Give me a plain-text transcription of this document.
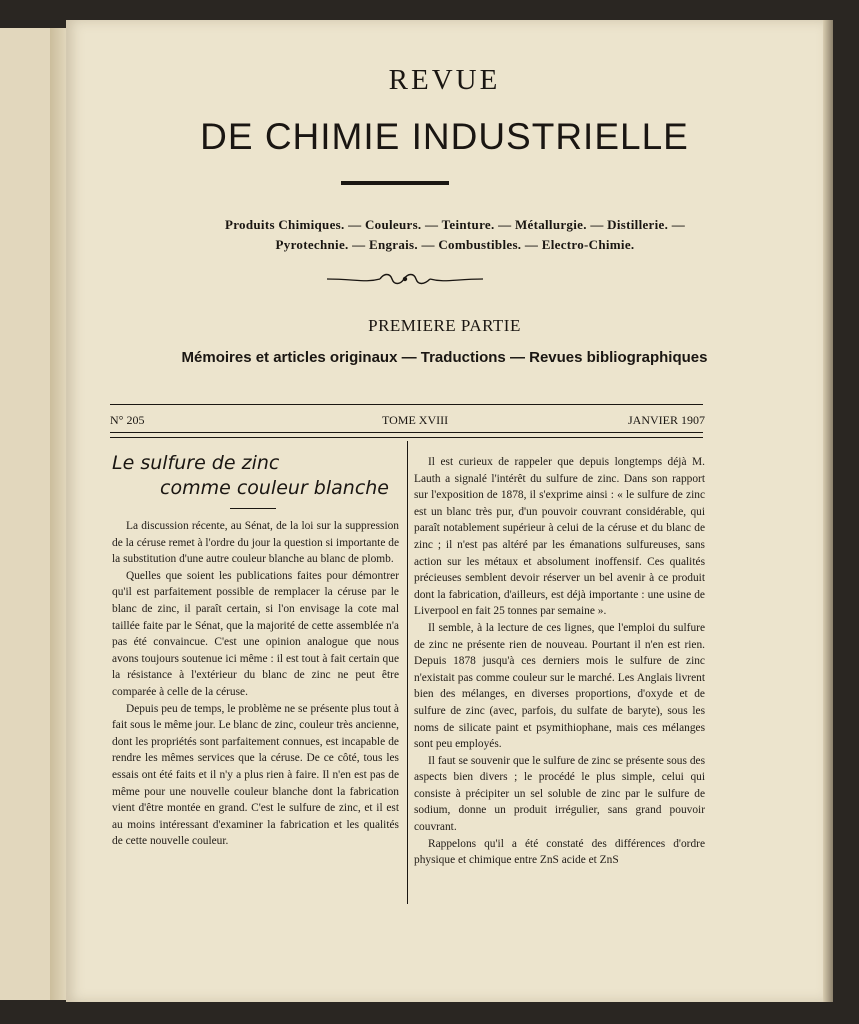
REVUE
DE CHIMIE INDUSTRIELLE

Produits Chimiques. — Couleurs. — Teinture. — Métallurgie. — Distillerie. —

Pyrotechnie. — Engrais. — Combustibles. — Electro-Chimie.

PREMIERE PARTIE

Mémoires et articles originaux — Traductions — Revues bibliographiques

N° 205	TOME XVIII	JANVIER 1907

Le sulfure de zinc

comme couleur blanche

La discussion récente, au Sénat, de la loi sur la suppression de la céruse remet à l'ordre du jour la question si importante de la substitution d'une autre couleur blanche au blanc de plomb.

Quelles que soient les publications faites pour démontrer qu'il est parfaitement possible de remplacer la céruse par le blanc de zinc, il paraît certain, si l'on envisage la cote mal taillée faite par le Sénat, que la majorité de cette assemblée n'a pas été convaincue. C'est une opinion analogue que nous avons toujours soutenue ici même : il est tout à fait certain que la résistance à l'extérieur du blanc de zinc ne peut être comparée à celle de la céruse.

Depuis peu de temps, le problème ne se présente plus tout à fait sous le même jour. Le blanc de zinc, couleur très ancienne, dont les propriétés sont parfaitement connues, est incapable de rendre les mêmes services que la céruse. De ce côté, tous les essais ont été faits et il n'y a plus rien à faire. Il n'en est pas de même pour une nouvelle couleur blanche dont la fabrication vient d'être montée en grand. C'est le sulfure de zinc, et il est au moins intéressant d'examiner la fabrication et les qualités de cette nouvelle couleur.

Il est curieux de rappeler que depuis longtemps déjà M. Lauth a signalé l'intérêt du sulfure de zinc. Dans son rapport sur l'exposition de 1878, il s'exprime ainsi : « le sulfure de zinc est un blanc très pur, d'un pouvoir couvrant considérable, qui paraît notablement supérieur à celui de la céruse et du blanc de zinc ; il n'est pas altéré par les émanations sulfureuses, sans action sur les métaux et absolument inoffensif. Ces qualités précieuses semblent devoir réserver un bel avenir à ce produit dont la fabrication, d'ailleurs, est déjà importante : une usine de Liverpool en fait 25 tonnes par semaine ».

Il semble, à la lecture de ces lignes, que l'emploi du sulfure de zinc ne présente rien de nouveau. Pourtant il n'en est rien. Depuis 1878 jusqu'à ces derniers mois le sulfure de zinc n'existait pas comme couleur sur le marché. Les Anglais livrent bien des mélanges, en diverses proportions, d'oxyde et de sulfure de zinc (avec, parfois, du sulfate de baryte), sous les noms de silicate paint et psymithiophane, mais ces mélanges sont peu employés.

Il faut se souvenir que le sulfure de zinc se présente sous des aspects bien divers ; le procédé le plus simple, celui qui consiste à précipiter un sel soluble de zinc par le sulfure de sodium, donne un produit irrégulier, sans grand pouvoir couvrant.

Rappelons qu'il a été constaté des différences d'ordre physique et chimique entre ZnS acide et ZnS
